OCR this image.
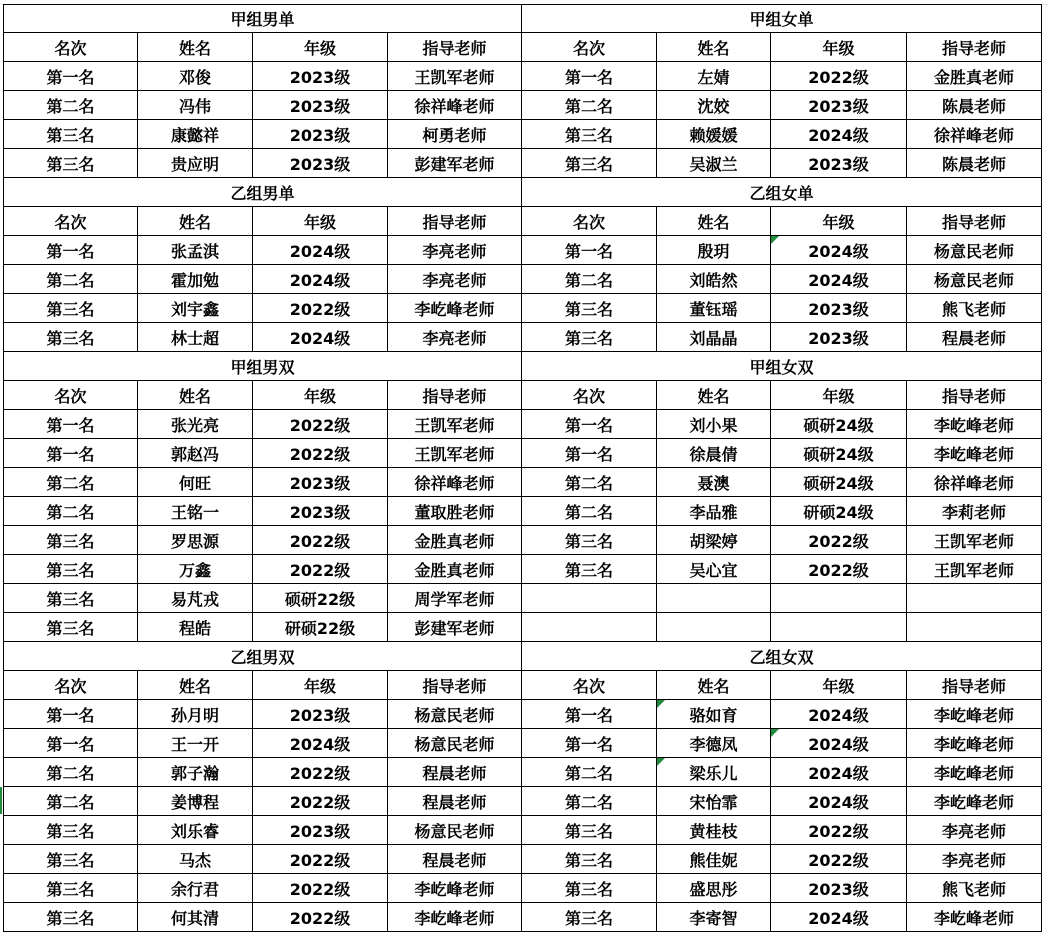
甲组男单	甲组女单
名次	姓名	年级	指导老师	名次	姓名	年级	指导老师
第一名	邓俊	2023级	王凯军老师	第一名	左婧	2022级	金胜真老师
第二名	冯伟	2023级	徐祥峰老师	第二名	沈姣	2023级	陈晨老师
第三名	康懿祥	2023级	柯勇老师	第三名	赖媛媛	2024级	徐祥峰老师
第三名	贵应明	2023级	彭建军老师	第三名	吴淑兰	2023级	陈晨老师
乙组男单	乙组女单
名次	姓名	年级	指导老师	名次	姓名	年级	指导老师
第一名	张孟淇	2024级	李亮老师	第一名	殷玥	2024级	杨意民老师
第二名	霍加勉	2024级	李亮老师	第二名	刘皓然	2024级	杨意民老师
第三名	刘宇鑫	2022级	李屹峰老师	第三名	董钰瑶	2023级	熊飞老师
第三名	林士超	2024级	李亮老师	第三名	刘晶晶	2023级	程晨老师
甲组男双	甲组女双
名次	姓名	年级	指导老师	名次	姓名	年级	指导老师
第一名	张光亮	2022级	王凯军老师	第一名	刘小果	硕研24级	李屹峰老师
第一名	郭赵冯	2022级	王凯军老师	第一名	徐晨倩	硕研24级	李屹峰老师
第二名	何旺	2023级	徐祥峰老师	第二名	聂澳	硕研24级	徐祥峰老师
第二名	王铭一	2023级	董取胜老师	第二名	李品雅	研硕24级	李莉老师
第三名	罗思源	2022级	金胜真老师	第三名	胡梁婷	2022级	王凯军老师
第三名	万鑫	2022级	金胜真老师	第三名	吴心宜	2022级	王凯军老师
第三名	易芃戎	硕研22级	周学军老师
第三名	程皓	研硕22级	彭建军老师
乙组男双	乙组女双
名次	姓名	年级	指导老师	名次	姓名	年级	指导老师
第一名	孙月明	2023级	杨意民老师	第一名	骆如育	2024级	李屹峰老师
第一名	王一开	2024级	杨意民老师	第一名	李德凤	2024级	李屹峰老师
第二名	郭子瀚	2022级	程晨老师	第二名	梁乐儿	2024级	李屹峰老师
第二名	姜博程	2022级	程晨老师	第二名	宋怡霏	2024级	李屹峰老师
第三名	刘乐睿	2023级	杨意民老师	第三名	黄桂枝	2022级	李亮老师
第三名	马杰	2022级	程晨老师	第三名	熊佳妮	2022级	李亮老师
第三名	余行君	2022级	李屹峰老师	第三名	盛思彤	2023级	熊飞老师
第三名	何其清	2022级	李屹峰老师	第三名	李寄智	2024级	李屹峰老师
